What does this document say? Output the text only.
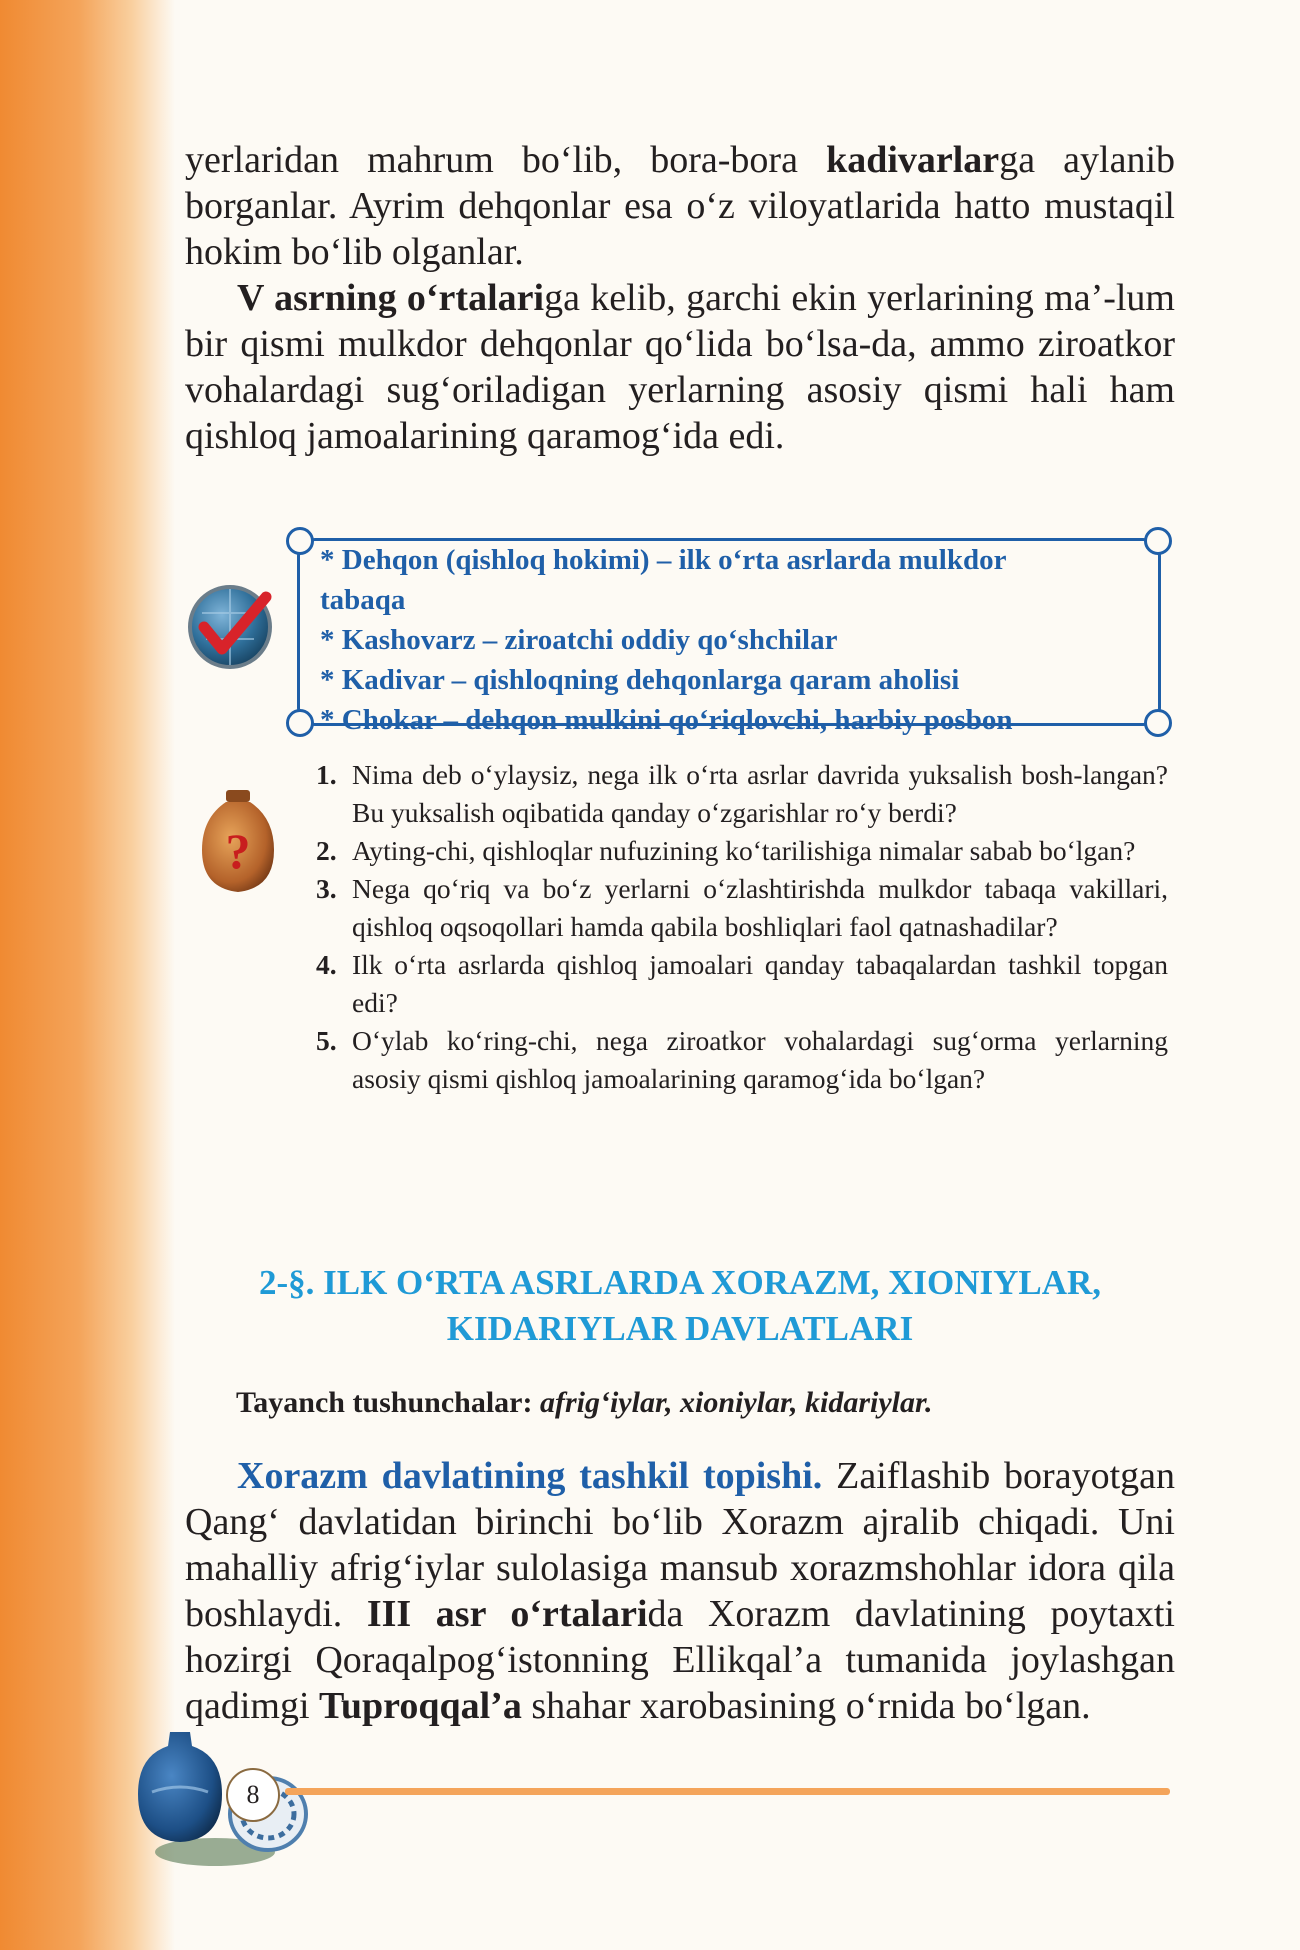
yerlaridan mahrum bo‘lib, bora-bora kadivarlarga aylanib borganlar. Ayrim dehqonlar esa o‘z viloyatlarida hatto mustaqil hokim bo‘lib olganlar.

V asrning o‘rtalariga kelib, garchi ekin yerlarining ma’-lum bir qismi mulkdor dehqonlar qo‘lida bo‘lsa-da, ammo ziroatkor vohalardagi sug‘oriladigan yerlarning asosiy qismi hali ham qishloq jamoalarining qaramog‘ida edi.

* Dehqon (qishloq hokimi) – ilk o‘rta asrlarda mulkdor
tabaqa
* Kashovarz – ziroatchi oddiy qo‘shchilar
* Kadivar – qishloqning dehqonlarga qaram aholisi
* Chokar – dehqon mulkini qo‘riqlovchi, harbiy posbon
?
1. Nima deb o‘ylaysiz, nega ilk o‘rta asrlar davrida yuksalish bosh-langan? Bu yuksalish oqibatida qanday o‘zgarishlar ro‘y berdi?
2. Ayting-chi, qishloqlar nufuzining ko‘tarilishiga nimalar sabab bo‘lgan?
3. Nega qo‘riq va bo‘z yerlarni o‘zlashtirishda mulkdor tabaqa vakillari, qishloq oqsoqollari hamda qabila boshliqlari faol qatnashadilar?
4. Ilk o‘rta asrlarda qishloq jamoalari qanday tabaqalardan tashkil topgan edi?
5. O‘ylab ko‘ring-chi, nega ziroatkor vohalardagi sug‘orma yerlarning asosiy qismi qishloq jamoalarining qaramog‘ida bo‘lgan?
2-§. ILK O‘RTA ASRLARDA XORAZM, XIONIYLAR,
KIDARIYLAR DAVLATLARI
Tayanch tushunchalar: afrig‘iylar, xioniylar, kidariylar.

Xorazm davlatining tashkil topishi. Zaiflashib borayotgan Qang‘ davlatidan birinchi bo‘lib Xorazm ajralib chiqadi. Uni mahalliy afrig‘iylar sulolasiga mansub xorazmshohlar idora qila boshlaydi. III asr o‘rtalarida Xorazm davlatining poytaxti hozirgi Qoraqalpog‘istonning Ellikqal’a tumanida joylashgan qadimgi Tuproqqal’a shahar xarobasining o‘rnida bo‘lgan.

8
